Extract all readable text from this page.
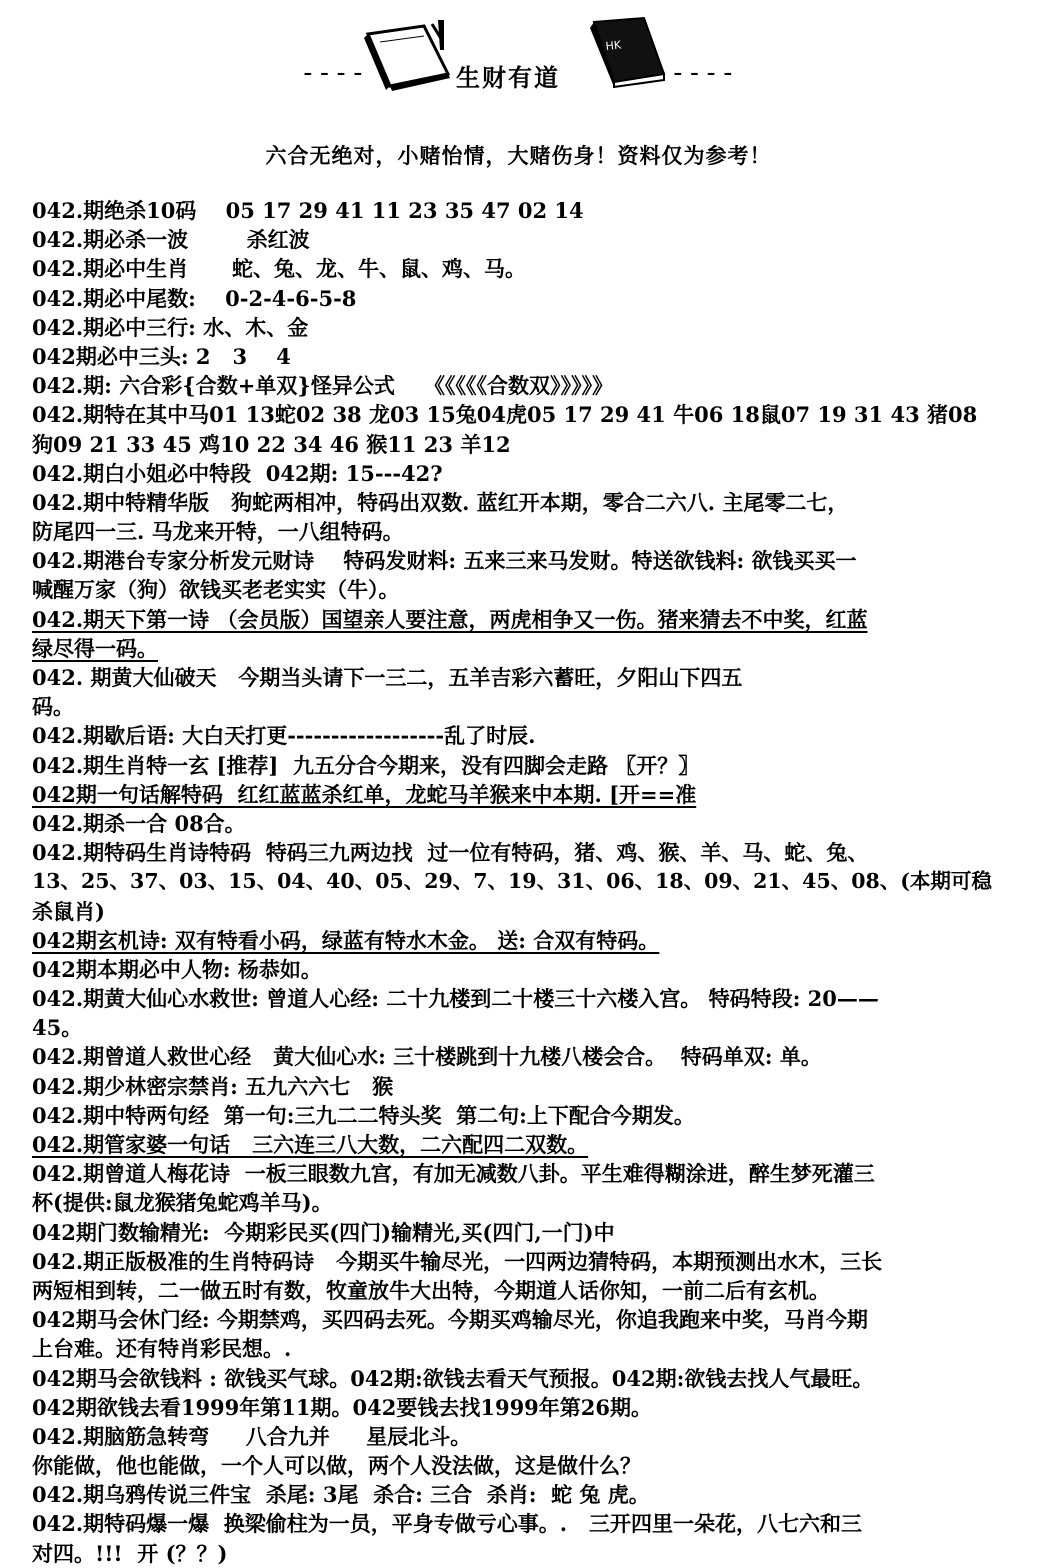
----	生财有道
HK
----
六合无绝对，小赌怡情，大赌伤身！资料仅为参考！
042.期绝杀10码    05 17 29 41 11 23 35 47 02 14
042.期必杀一波        杀红波
042.期必中生肖      蛇、兔、龙、牛、鼠、鸡、马。
042.期必中尾数:    0-2-4-6-5-8
042.期必中三行: 水、木、金
042期必中三头: 2   3    4
042.期: 六合彩{合数+单双}怪异公式    《《《《《合数双》》》》》
042.期特在其中马01 13蛇02 38 龙03 15兔04虎05 17 29 41 牛06 18鼠07 19 31 43 猪08
狗09 21 33 45 鸡10 22 34 46 猴11 23 羊12
042.期白小姐必中特段  042期: 15---42?
042.期中特精华版   狗蛇两相冲，特码出双数. 蓝红开本期，零合二六八. 主尾零二七，
防尾四一三. 马龙来开特，一八组特码。
042.期港台专家分析发元财诗    特码发财料: 五来三来马发财。特送欲钱料: 欲钱买买一
喊醒万家（狗）欲钱买老老实实（牛）。
042.期天下第一诗 （会员版）国望亲人要注意，两虎相争又一伤。猪来猜去不中奖，红蓝
绿尽得一码。
042. 期黄大仙破天   今期当头请下一三二，五羊吉彩六蓄旺，夕阳山下四五
码。
042.期歇后语: 大白天打更------------------乱了时辰.
042.期生肖特一玄 [推荐]  九五分合今期来，没有四脚会走路 〖开？〗
042期一句话解特码  红红蓝蓝杀红单，龙蛇马羊猴来中本期. [开==准
042.期杀一合 08合。
042.期特码生肖诗特码  特码三九两边找  过一位有特码，猪、鸡、猴、羊、马、蛇、兔、
13、25、37、03、15、04、40、05、29、7、19、31、06、18、09、21、45、08、(本期可稳
杀鼠肖)
042期玄机诗: 双有特看小码，绿蓝有特水木金。 送: 合双有特码。
042期本期必中人物: 杨恭如。
042.期黄大仙心水救世: 曾道人心经: 二十九楼到二十楼三十六楼入宫。 特码特段: 20——
45。
042.期曾道人救世心经   黄大仙心水: 三十楼跳到十九楼八楼会合。  特码单双: 单。
042.期少林密宗禁肖: 五九六六七   猴
042.期中特两句经  第一句:三九二二特头奖  第二句:上下配合今期发。
042.期管家婆一句话   三六连三八大数，二六配四二双数。
042.期曾道人梅花诗  一板三眼数九宫，有加无减数八卦。平生难得糊涂进，醉生梦死灌三
杯(提供:鼠龙猴猪兔蛇鸡羊马)。
042期门数输精光:  今期彩民买(四门)输精光,买(四门,一门)中
042.期正版极准的生肖特码诗   今期买牛输尽光，一四两边猜特码，本期预测出水木，三长
两短相到转，二一做五时有数，牧童放牛大出特，今期道人话你知，一前二后有玄机。
042期马会休门经: 今期禁鸡，买四码去死。今期买鸡输尽光，你追我跑来中奖，马肖今期
上台难。还有特肖彩民想。.
042期马会欲钱料 : 欲钱买气球。042期:欲钱去看天气预报。042期:欲钱去找人气最旺。
042期欲钱去看1999年第11期。042要钱去找1999年第26期。
042.期脑筋急转弯     八合九并     星辰北斗。
你能做，他也能做，一个人可以做，两个人没法做，这是做什么？
042.期乌鸦传说三件宝  杀尾: 3尾  杀合: 三合  杀肖:  蛇 兔 虎。
042.期特码爆一爆  换梁偷柱为一员，平身专做亏心事。.   三开四里一朵花，八七六和三
对四。!!!  开 (？？)
